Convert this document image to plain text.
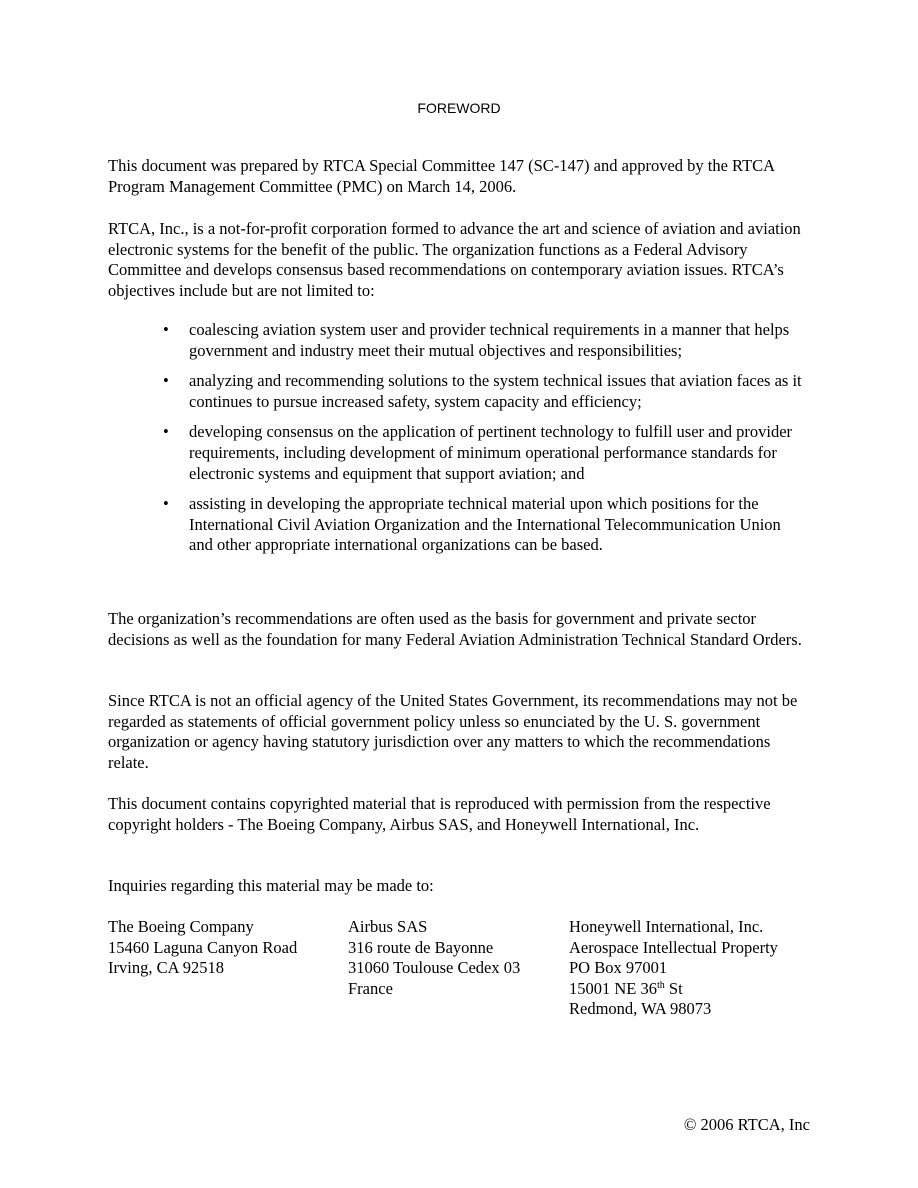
FOREWORD

This document was prepared by RTCA Special Committee 147 (SC-147) and approved by the RTCA Program Management Committee (PMC) on March 14, 2006.

RTCA, Inc., is a not-for-profit corporation formed to advance the art and science of aviation and aviation electronic systems for the benefit of the public. The organization functions as a Federal Advisory Committee and develops consensus based recommendations on contemporary aviation issues. RTCA’s objectives include but are not limited to:

• coalescing aviation system user and provider technical requirements in a manner that helps government and industry meet their mutual objectives and responsibilities;
• analyzing and recommending solutions to the system technical issues that aviation faces as it continues to pursue increased safety, system capacity and efficiency;
• developing consensus on the application of pertinent technology to fulfill user and provider requirements, including development of minimum operational performance standards for electronic systems and equipment that support aviation; and
• assisting in developing the appropriate technical material upon which positions for the International Civil Aviation Organization and the International Telecommunication Union and other appropriate international organizations can be based.

The organization’s recommendations are often used as the basis for government and private sector decisions as well as the foundation for many Federal Aviation Administration Technical Standard Orders.

Since RTCA is not an official agency of the United States Government, its recommendations may not be regarded as statements of official government policy unless so enunciated by the U. S. government organization or agency having statutory jurisdiction over any matters to which the recommendations relate.

This document contains copyrighted material that is reproduced with permission from the respective copyright holders - The Boeing Company, Airbus SAS, and Honeywell International, Inc.

Inquiries regarding this material may be made to:

The Boeing Company
15460 Laguna Canyon Road
Irving, CA 92518
Airbus SAS
316 route de Bayonne
31060 Toulouse Cedex 03
France
Honeywell International, Inc.
Aerospace Intellectual Property
PO Box 97001
15001 NE 36th St
Redmond, WA 98073
© 2006 RTCA, Inc
